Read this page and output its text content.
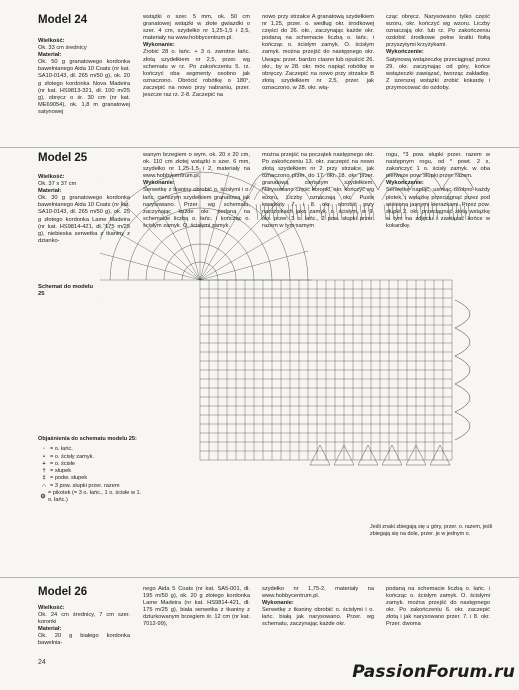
Model 24

Wielkość:

Ok. 33 cm średnicy

Materiał:

Ok. 50 g granatowego kordonka bawełnianego Aida 10 Coats (nr kat. SA10-0143, dł. 265 m/50 g), ok. 20 g złotego kordonka Nova Madeira (nr kat. HS9813-321, dł. 100 m/25 g), obręcz o śr. 30 cm (nr kat. ME69054), ok. 1,8 m granatowej satynowej

wstążki o szer. 5 mm, ok. 50 cm granatowej wstążki w złote gwiazdki o szer. 4 cm, szydełko nr 1,25-1,5 i 2,5, materiały na www.hobbycentrum.pl.

Wykonanie:

Zrobić 28 o. łańc. + 3 o. zwrotne łańc. złotą szydełkiem nr 2,5, przer. wg schematu w rz. Po zakończeniu 5. rz. kończyć oba segmenty osobno jak oznaczono. Obrócić robótkę o 180°, zaczepić na nowo przy nabraniu, przer. jeszcze raz rz. 2-8. Zaczepić na

nowo przy strzałce A granatową szydełkiem nr 1,25, przer. o. według okr. środkowej części do 26. okr., zaczynając każde okr. podaną na schemacie liczbą o. łańc. i kończąc o. ścisłym zamyk. O. ścisłym zamyk. można przejść do następnego okr. Uwaga: przer. bardzo ciasno lub opuścić 26. okr., by w 28. okr. móc napiąć robótkę w obręczy. Zaczepić na nowo przy strzałce B złotą szydełkiem nr 2,5, przer. jak oznaczono, w 28. okr. wią-

cząc obręcz. Narysowano tylko część wzoru, okr. kończyć wg wzoru. Liczby oznaczają okr. lub rz. Po zakończeniu ozdobić środkowe pełne kratki fiołtą przyszytymi krzyżykami.

Wykończenie:

Satynową wstążeczkę przeciągnąć przez 29. okr. zaczynając od góry, końce wstążeczki zawiązać, tworząc zakładkę. Z szerszej wstążki zrobić kokardę i przymocować do ozdoby.

Model 25

Wielkość:

Ok. 37 x 37 cm

Materiał:

Ok. 30 g granatowego kordonka bawełnianego Aida 10 Coats (nr kat. SA10-0143, dł. 265 m/50 g), ok. 25 g złotego kordonka Lame Madeira (nr kat. HS9814-421, dł. 175 m/25 g), niebieska serwetka z tkaniny z dzianko-

wanym brzegiem o wym. ok. 20 x 20 cm, ok. 110 cm złotej wstążki o szer. 6 mm, szydełko nr 1,25-1,5 i 2, materiały na www.hobbycentrum.pl.

Wykonanie:

Serwetkę z tkaniny obrobić o. ścisłymi i o. łańc. cieńszym szydełkiem granatową jak narysowano. Przer. wg schematu, zaczynając każde okr. podaną na schemacie liczbą o. łańc. i kończąc o. ścisłym zamyk. O. ścisłymi zamyk.

można przejść na początek następnego okr. Po zakończeniu 13. okr. zaczepić na nowo złotą szydełkiem nr 2 przy strzałce, jak oznaczono przer. do 17. okr. 18. okr. przer. granatową cieńszym szydełkiem. Narysowano część koronki, okr. kończyć wg wzoru. Liczby oznaczają okr. Puste kwadraty 7. i 8. okr. obrobić przy narożnikach jako zamyk. o. ścisłym, w 9. okr. przer. 3 o. łańc., 2 pow. słupki przer. razem w tym samym

rogu, *3 pow. słupki przer. razem w następnym rogu, od * powt. 2 x, zakończyć 1 o. ścisły zamyk. w oba pierwsze pow. słupki przer. razem.

Wykończenie:

Serwetkę napiąć, usmiąc osobno każdy piotek, i wstążkę przeciągnąć przez pod wiśnioną jasnymi kierazkami. Przez pow. słupki 2. okr. przeciągnąć złotą wstążkę w tym na zdjęciu i zawiązać końce w kokardkę.

Schemat do modelu 25
Objaśnienia do schematu modelu 25:
◦ = o. łańc.
• = o. ścisły zamyk.
+ = o. ścisłe
† = słupek
‡ = podw. słupek
∩ = 3 pow. słupki przer. razem
Ꙫ
= pikotek (= 3 o. łańc., 1 o. ścisłe w 1. o. łańc.)
Jeśli znaki zbiegają się u góry, przer. o. razem, jeśli zbiegają się na dole, przer. je w jednym o.
Model 26

Wielkość:

Ok. 24 cm średnicy, 7 cm szer. koronki

Materiał:

Ok. 20 g białego kordonka bawełnia-

nego Aida 5 Coats (nr kat. SA5-001, dł. 195 m/50 g), ok. 20 g złotego kordonka Lame Madeira (nr kat. HS9814-421, dł. 175 m/25 g), biała serwetka z tkaniny z dziurkowanym brzegiem śr. 12 cm (nr kat. 7012-99),

szydełko nr 1,75-2, materiały na www.hobbycentrum.pl.

Wykonanie:

Serwetkę z tkaniny obrobić o. ścisłymi i o. łańc. białą jak narysowano. Przer. wg schematu, zaczynając każde okr.

podaną na schemacie liczbą o. łańc. i kończąc o. ścisłym zamyk. O. ścisłymi zamyk. można przejść do następnego okr. Po zakończeniu 6. okr. zaczepić złotą i jak narysowano przer. 7. i 8. okr. Przer. dwoma

24	PassionForum.ru
